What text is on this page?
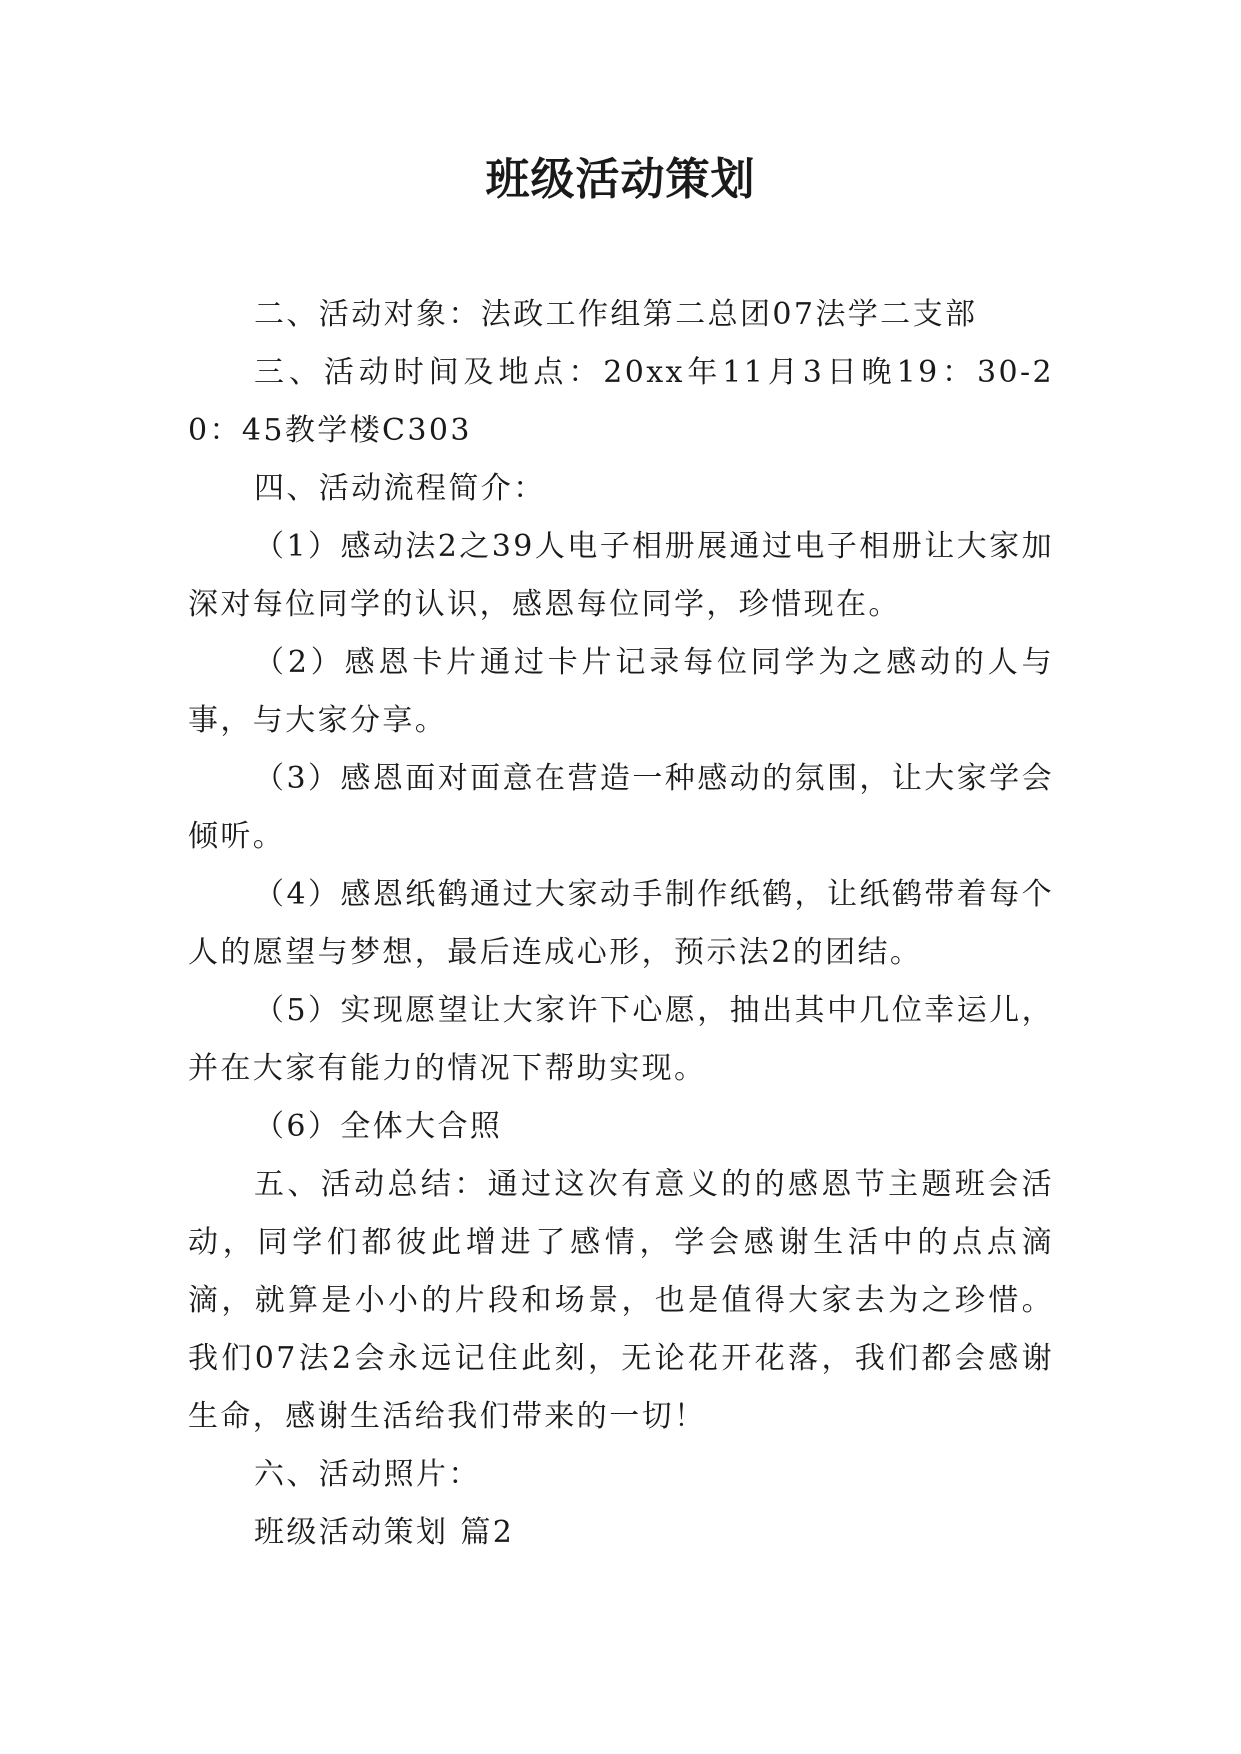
班级活动策划

二、活动对象：法政工作组第二总团07法学二支部

三、活动时间及地点：20xx年11月3日晚19：30-20：45教学楼C303

四、活动流程简介：

（1）感动法2之39人电子相册展通过电子相册让大家加深对每位同学的认识，感恩每位同学，珍惜现在。

（2）感恩卡片通过卡片记录每位同学为之感动的人与事，与大家分享。

（3）感恩面对面意在营造一种感动的氛围，让大家学会倾听。

（4）感恩纸鹤通过大家动手制作纸鹤，让纸鹤带着每个人的愿望与梦想，最后连成心形，预示法2的团结。

（5）实现愿望让大家许下心愿，抽出其中几位幸运儿，并在大家有能力的情况下帮助实现。

（6）全体大合照

五、活动总结：通过这次有意义的的感恩节主题班会活动，同学们都彼此增进了感情，学会感谢生活中的点点滴滴，就算是小小的片段和场景，也是值得大家去为之珍惜。我们07法2会永远记住此刻，无论花开花落，我们都会感谢生命，感谢生活给我们带来的一切！

六、活动照片：

班级活动策划 篇2
